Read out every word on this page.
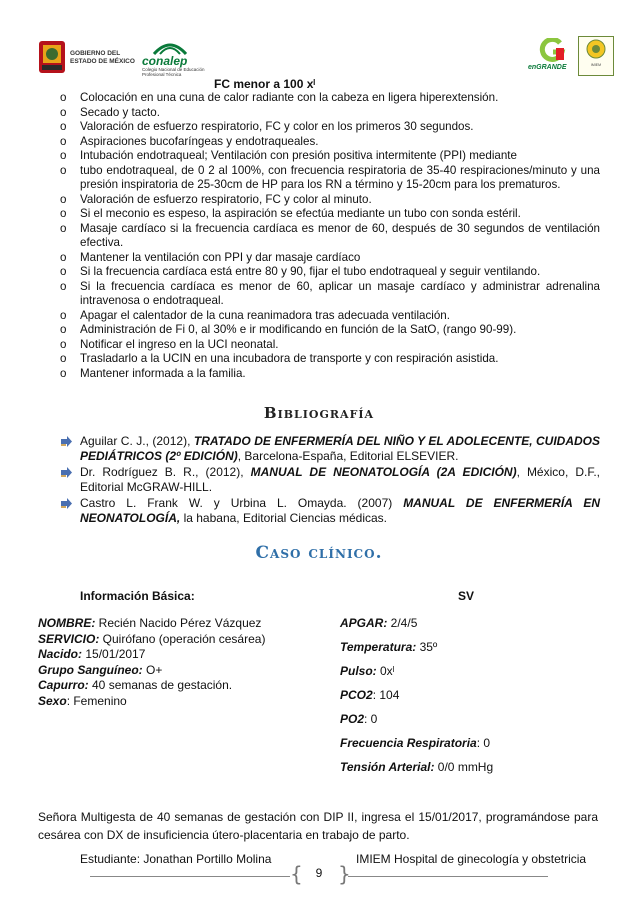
GOBIERNO DEL
ESTADO DE MÉXICO conalep
Colegio Nacional de Educación Profesional Técnica
enGRANDE	IMIEM
FC menor a 100 xˡ
o	Colocación en una cuna de calor radiante con la cabeza en ligera hiperextensión.
o	Secado y tacto.
o	Valoración de esfuerzo respiratorio, FC y color en los primeros 30 segundos.
o	Aspiraciones bucofaríngeas y endotraqueales.
o	Intubación endotraqueal; Ventilación con presión positiva intermitente (PPI) mediante
o	tubo endotraqueal, de 0 2 al 100%, con frecuencia respiratoria de 35-40 respiraciones/minuto y una presión inspiratoria de 25-30cm de HP para los RN a término y 15-20cm para los prematuros.
o	Valoración de esfuerzo respiratorio, FC y color al minuto.
o	Si el meconio es espeso, la aspiración se efectúa mediante un tubo con sonda estéril.
o	Masaje cardíaco si la frecuencia cardíaca es menor de 60, después de 30 segundos de ventilación efectiva.
o	Mantener la ventilación con PPI y dar masaje cardíaco
o	Si la frecuencia cardíaca está entre 80 y 90, fijar el tubo endotraqueal y seguir ventilando.
o	Si la frecuencia cardíaca es menor de 60, aplicar un masaje cardíaco y administrar adrenalina intravenosa o endotraqueal.
o	Apagar el calentador de la cuna reanimadora tras adecuada ventilación.
o	Administración de Fi 0, al 30% e ir modificando en función de la SatO, (rango 90-99).
o	Notificar el ingreso en la UCI neonatal.
o	Trasladarlo a la UCIN en una incubadora de transporte y con respiración asistida.
o	Mantener informada a la familia.
Bibliografía
Aguilar C. J., (2012), TRATADO DE ENFERMERÍA DEL NIÑO Y EL ADOLECENTE, CUIDADOS PEDIÁTRICOS (2º EDICIÓN), Barcelona-España, Editorial ELSEVIER.
Dr. Rodríguez B. R., (2012), MANUAL DE NEONATOLOGÍA (2A EDICIÓN), México, D.F., Editorial McGRAW-HILL.
Castro L. Frank W. y Urbina L. Omayda. (2007) MANUAL DE ENFERMERÍA EN NEONATOLOGÍA, la habana, Editorial Ciencias médicas.
Caso clínico.
Información Básica:	SV
NOMBRE: Recién Nacido Pérez Vázquez
SERVICIO: Quirófano (operación cesárea)
Nacido: 15/01/2017
Grupo Sanguíneo: O+
Capurro: 40 semanas de gestación.
Sexo: Femenino
APGAR: 2/4/5
Temperatura: 35º
Pulso: 0xˡ
PCO2: 104
PO2: 0
Frecuencia Respiratoria: 0
Tensión Arterial: 0/0 mmHg
Señora Multigesta de 40 semanas de gestación con DIP II, ingresa el 15/01/2017, programándose para cesárea con DX de insuficiencia útero-placentaria en trabajo de parto.
Estudiante: Jonathan Portillo Molina	IMIEM Hospital de ginecología y obstetricia
{ }
9
